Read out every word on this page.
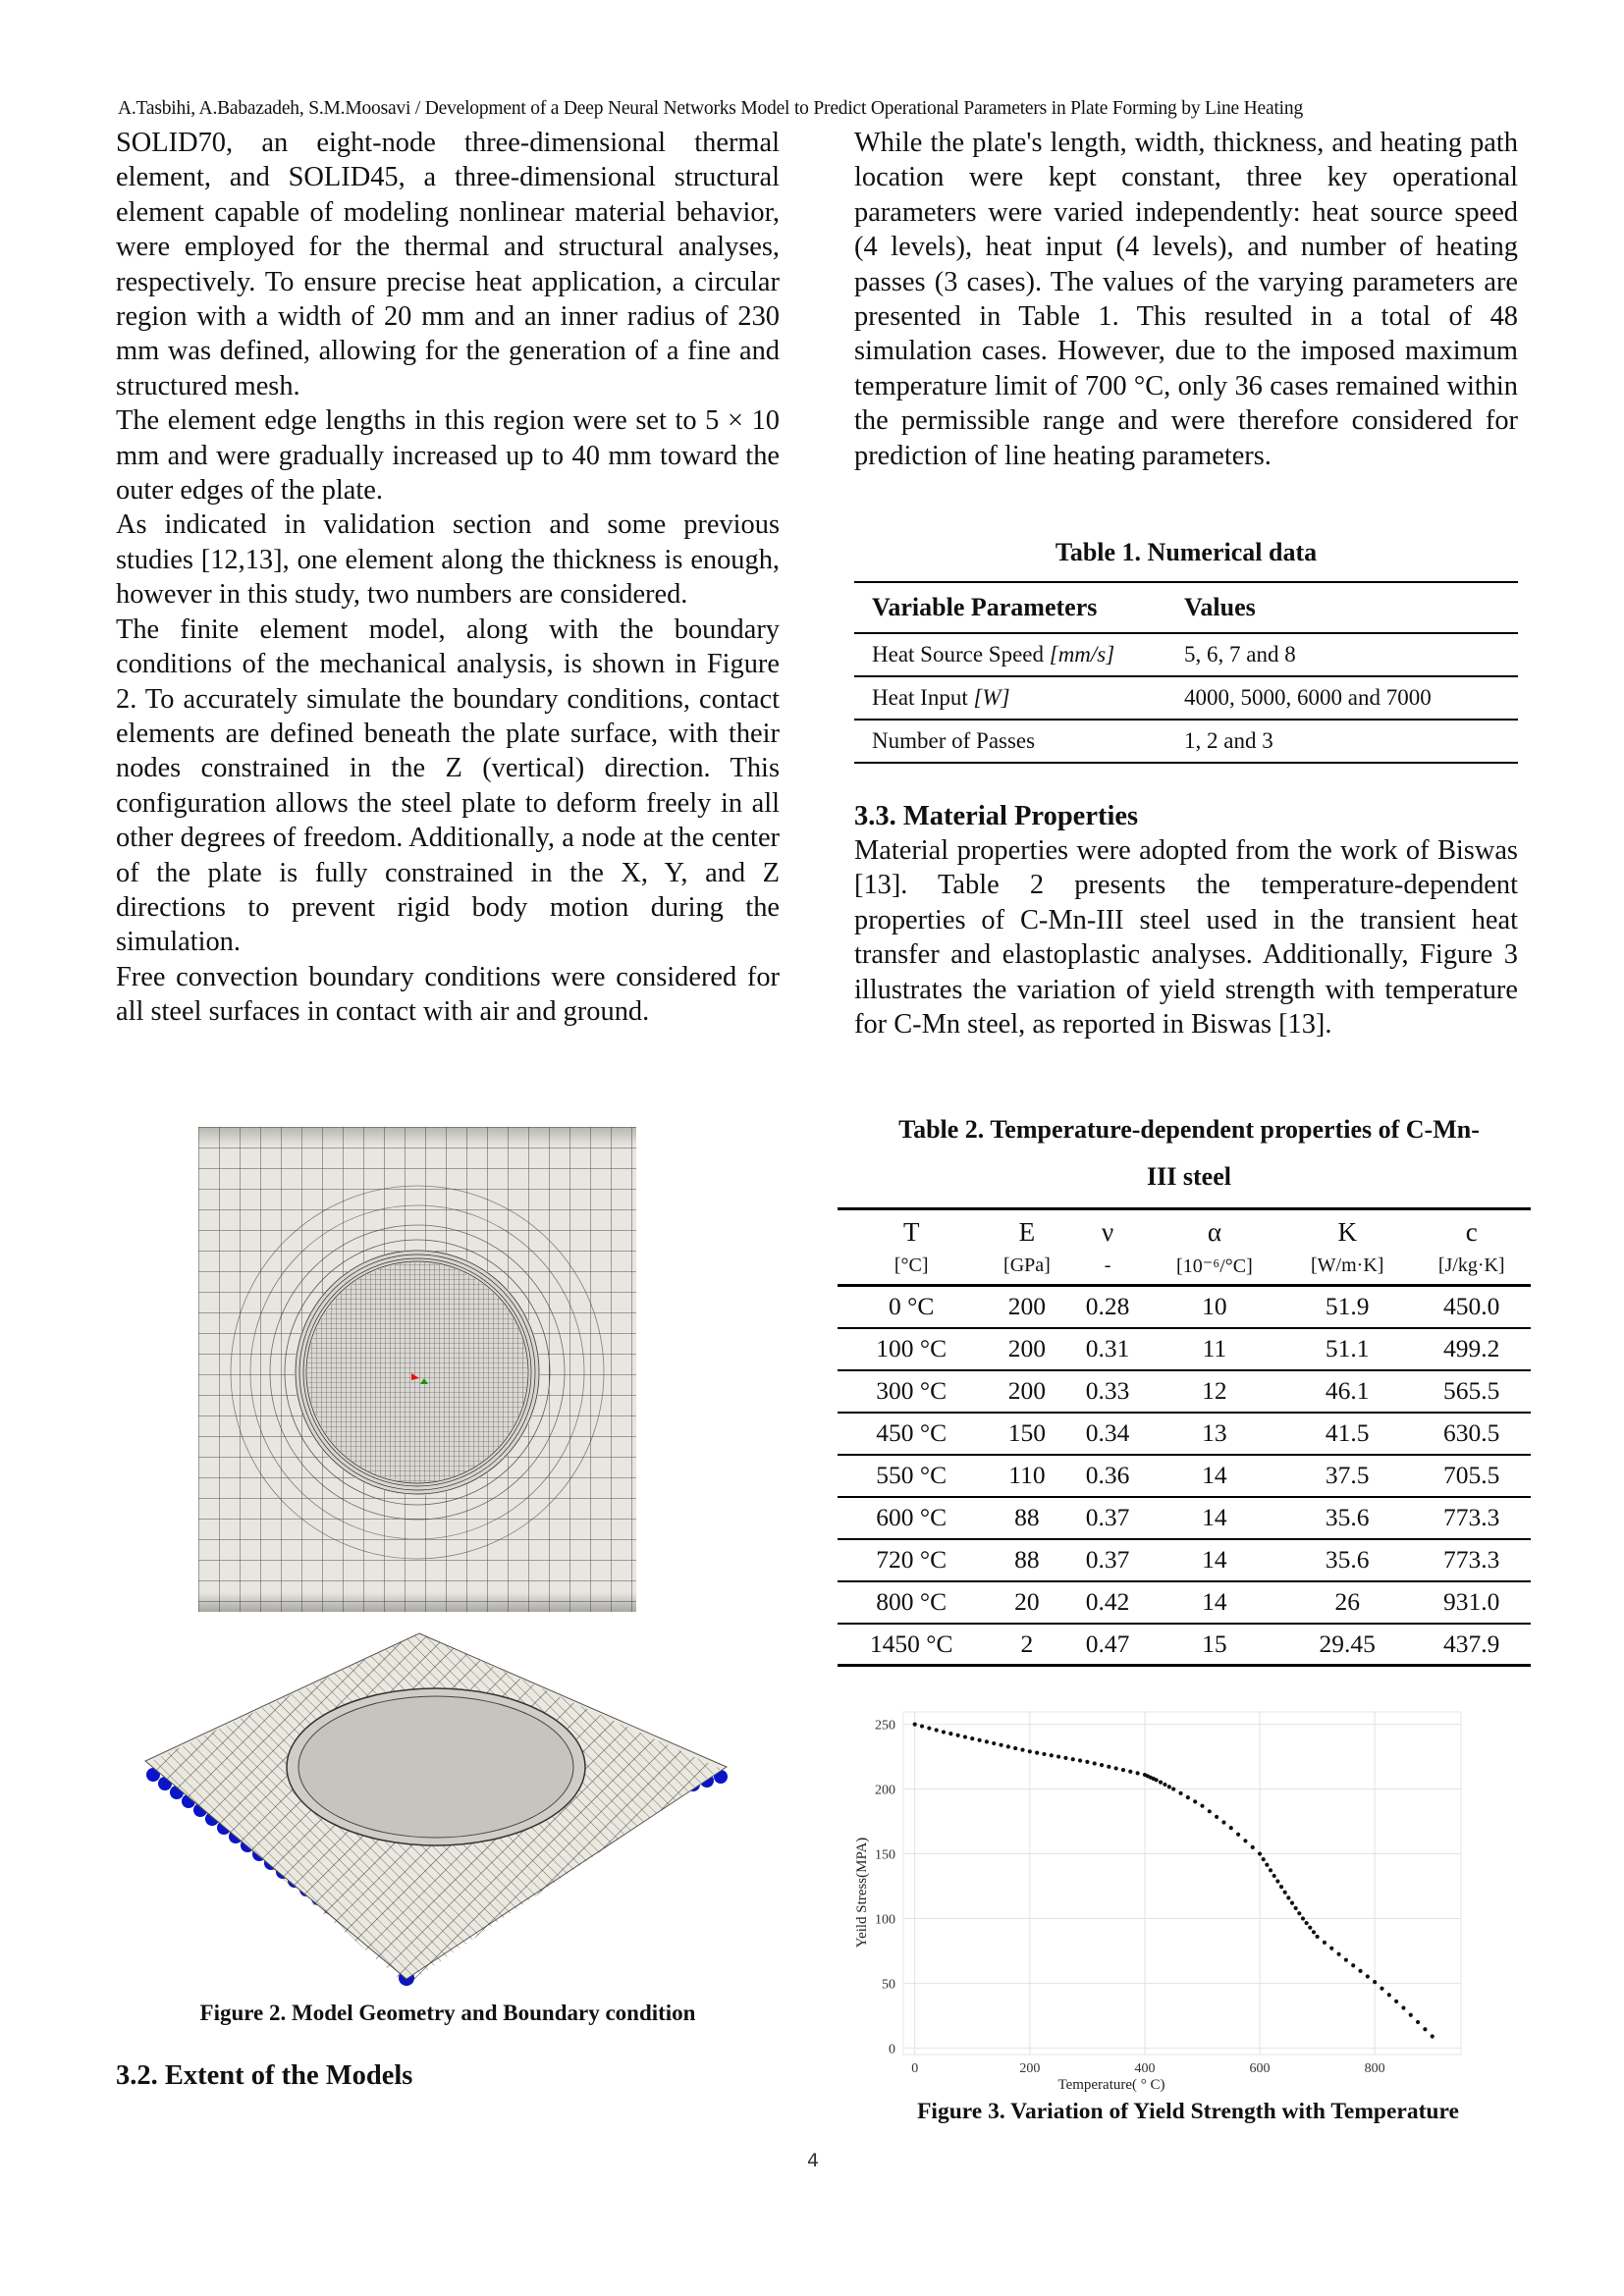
A.Tasbihi, A.Babazadeh, S.M.Moosavi / Development of a Deep Neural Networks Model to Predict Operational Parameters in Plate Forming by Line Heating

SOLID70, an eight-node three-dimensional thermal element, and SOLID45, a three-dimensional structural element capable of modeling nonlinear material behavior, were employed for the thermal and structural analyses, respectively. To ensure precise heat application, a circular region with a width of 20 mm and an inner radius of 230 mm was defined, allowing for the generation of a fine and structured mesh.

The element edge lengths in this region were set to 5 × 10 mm and were gradually increased up to 40 mm toward the outer edges of the plate.

As indicated in validation section and some previous studies [12,13], one element along the thickness is enough, however in this study, two numbers are considered.

The finite element model, along with the boundary conditions of the mechanical analysis, is shown in Figure 2. To accurately simulate the boundary conditions, contact elements are defined beneath the plate surface, with their nodes constrained in the Z (vertical) direction. This configuration allows the steel plate to deform freely in all other degrees of freedom. Additionally, a node at the center of the plate is fully constrained in the X, Y, and Z directions to prevent rigid body motion during the simulation.

Free convection boundary conditions were considered for all steel surfaces in contact with air and ground.

Figure 2. Model Geometry and Boundary condition
3.2. Extent of the Models

While the plate's length, width, thickness, and heating path location were kept constant, three key operational parameters were varied independently: heat source speed (4 levels), heat input (4 levels), and number of heating passes (3 cases). The values of the varying parameters are presented in Table 1. This resulted in a total of 48 simulation cases. However, due to the imposed maximum temperature limit of 700 °C, only 36 cases remained within the permissible range and were therefore considered for prediction of line heating parameters.

Table 1. Numerical data
Variable Parameters	Values
Heat Source Speed [mm/s]	5, 6, 7 and 8
Heat Input [W]	4000, 5000, 6000 and 7000
Number of Passes	1, 2 and 3
3.3. Material Properties

Material properties were adopted from the work of Biswas [13]. Table 2 presents the temperature-dependent properties of C-Mn-III steel used in the transient heat transfer and elastoplastic analyses. Additionally, Figure 3 illustrates the variation of yield strength with temperature for C-Mn steel, as reported in Biswas [13].

Table 2. Temperature-dependent properties of C-Mn-
III steel
T	E	ν	α	K	c
[°C]	[GPa]	-	[10⁻⁶/°C]	[W/m·K]	[J/kg·K]
0 °C	200	0.28	10	51.9	450.0
100 °C	200	0.31	11	51.1	499.2
300 °C	200	0.33	12	46.1	565.5
450 °C	150	0.34	13	41.5	630.5
550 °C	110	0.36	14	37.5	705.5
600 °C	88	0.37	14	35.6	773.3
720 °C	88	0.37	14	35.6	773.3
800 °C	20	0.42	14	26	931.0
1450 °C	2	0.47	15	29.45	437.9
0	200	400	600	800
0
50
100
150
200
250
Temperature( ° C)
Yeild Stress(MPA)
Figure 3. Variation of Yield Strength with Temperature
4
